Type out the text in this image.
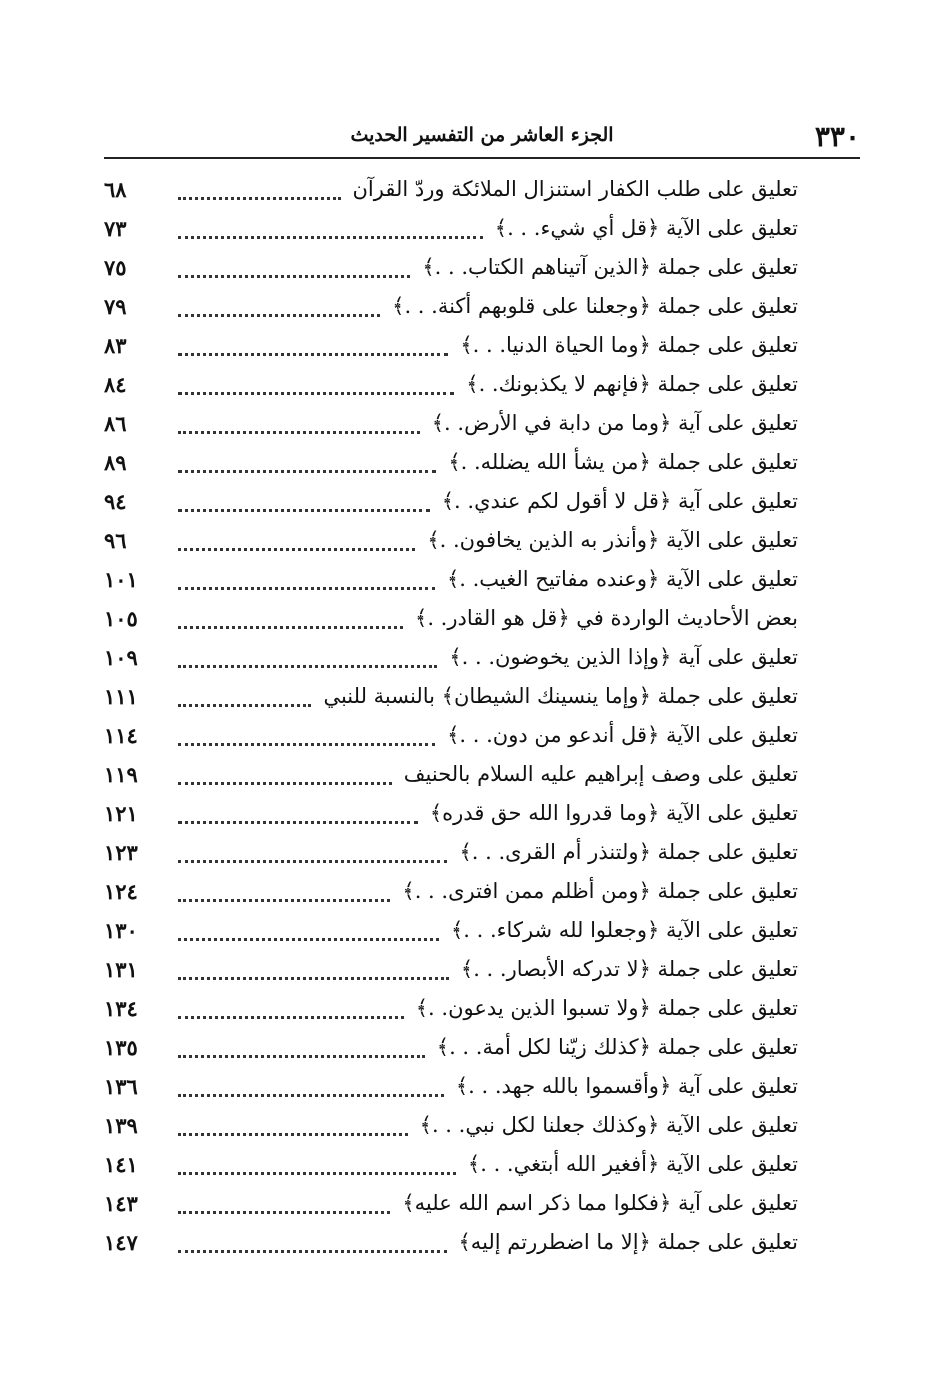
٣٣٠
الجزء العاشر من التفسير الحديث
تعليق على طلب الكفار استنزال الملائكة وردّ القرآن
٦٨
تعليق على الآية ﴿قل أي شيء. . .﴾
٧٣
تعليق على جملة ﴿الذين آتيناهم الكتاب. . .﴾
٧٥
تعليق على جملة ﴿وجعلنا على قلوبهم أكنة. . .﴾
٧٩
تعليق على جملة ﴿وما الحياة الدنيا. . .﴾
٨٣
تعليق على جملة ﴿فإنهم لا يكذبونك. .﴾
٨٤
تعليق على آية ﴿وما من دابة في الأرض. .﴾
٨٦
تعليق على جملة ﴿من يشأ الله يضلله. .﴾
٨٩
تعليق على آية ﴿قل لا أقول لكم عندي. .﴾
٩٤
تعليق على الآية ﴿وأنذر به الذين يخافون. .﴾
٩٦
تعليق على الآية ﴿وعنده مفاتيح الغيب. .﴾
١٠١
بعض الأحاديث الواردة في ﴿قل هو القادر. .﴾
١٠٥
تعليق على آية ﴿وإذا الذين يخوضون. . .﴾
١٠٩
تعليق على جملة ﴿وإما ينسينك الشيطان﴾ بالنسبة للنبي
١١١
تعليق على الآية ﴿قل أندعو من دون. . .﴾
١١٤
تعليق على وصف إبراهيم عليه السلام بالحنيف
١١٩
تعليق على الآية ﴿وما قدروا الله حق قدره﴾
١٢١
تعليق على جملة ﴿ولتنذر أم القرى. . .﴾
١٢٣
تعليق على جملة ﴿ومن أظلم ممن افترى. . .﴾
١٢٤
تعليق على الآية ﴿وجعلوا لله شركاء. . .﴾
١٣٠
تعليق على جملة ﴿لا تدركه الأبصار. . .﴾
١٣١
تعليق على جملة ﴿ولا تسبوا الذين يدعون. .﴾
١٣٤
تعليق على جملة ﴿كذلك زيّنا لكل أمة. . .﴾
١٣٥
تعليق على آية ﴿وأقسموا بالله جهد. . .﴾
١٣٦
تعليق على الآية ﴿وكذلك جعلنا لكل نبي. . .﴾
١٣٩
تعليق على الآية ﴿أفغير الله أبتغي. . .﴾
١٤١
تعليق على آية ﴿فكلوا مما ذكر اسم الله عليه﴾
١٤٣
تعليق على جملة ﴿إلا ما اضطررتم إليه﴾
١٤٧
